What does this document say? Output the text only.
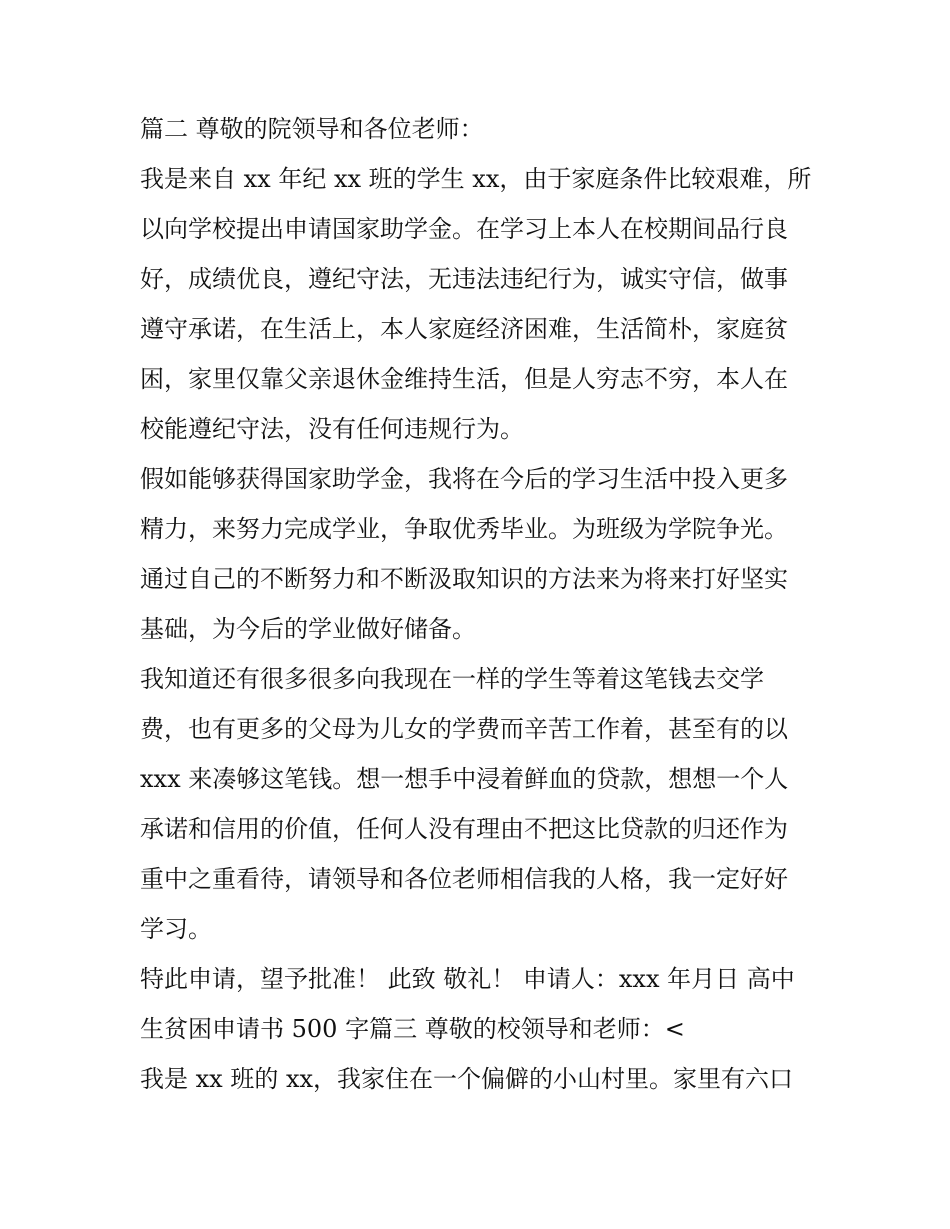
篇二 尊敬的院领导和各位老师：
我是来自 xx 年纪 xx 班的学生 xx，由于家庭条件比较艰难，所
以向学校提出申请国家助学金。在学习上本人在校期间品行良
好，成绩优良，遵纪守法，无违法违纪行为，诚实守信，做事
遵守承诺，在生活上，本人家庭经济困难，生活简朴，家庭贫
困，家里仅靠父亲退休金维持生活，但是人穷志不穷，本人在
校能遵纪守法，没有任何违规行为。
假如能够获得国家助学金，我将在今后的学习生活中投入更多
精力，来努力完成学业，争取优秀毕业。为班级为学院争光。
通过自己的不断努力和不断汲取知识的方法来为将来打好坚实
基础，为今后的学业做好储备。
我知道还有很多很多向我现在一样的学生等着这笔钱去交学
费，也有更多的父母为儿女的学费而辛苦工作着，甚至有的以
xxx 来凑够这笔钱。想一想手中浸着鲜血的贷款，想想一个人
承诺和信用的价值，任何人没有理由不把这比贷款的归还作为
重中之重看待，请领导和各位老师相信我的人格，我一定好好
学习。
特此申请，望予批准！ 此致 敬礼！ 申请人：xxx 年月日 高中
生贫困申请书 500 字篇三 尊敬的校领导和老师：<
我是 xx 班的 xx，我家住在一个偏僻的小山村里。家里有六口
